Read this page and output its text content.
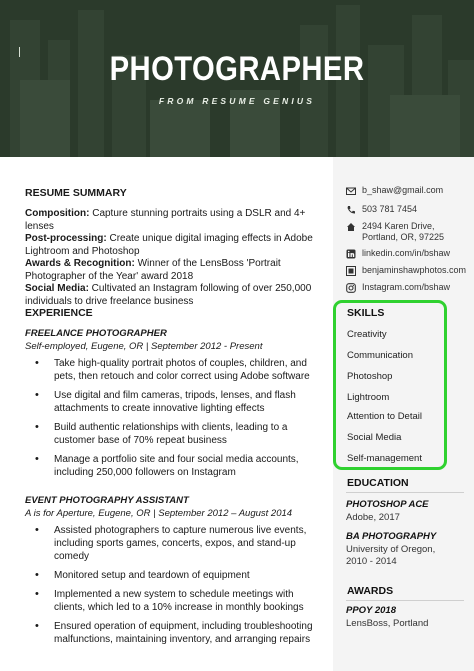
PHOTOGRAPHER
FROM RESUME GENIUS
RESUME SUMMARY

Composition: Capture stunning portraits using a DSLR and 4+ lenses

Post-processing: Create unique digital imaging effects in Adobe Lightroom and Photoshop

Awards & Recognition: Winner of the LensBoss 'Portrait Photographer of the Year' award 2018

Social Media: Cultivated an Instagram following of over 250,000 individuals to drive freelance business

EXPERIENCE
FREELANCE PHOTOGRAPHER
Self-employed, Eugene, OR | September 2012 - Present
• Take high-quality portrait photos of couples, children, and pets, then retouch and color correct using Adobe software
• Use digital and film cameras, tripods, lenses, and flash attachments to create innovative lighting effects
• Build authentic relationships with clients, leading to a customer base of 70% repeat business
• Manage a portfolio site and four social media accounts, including 250,000 followers on Instagram
EVENT PHOTOGRAPHY ASSISTANT
A is for Aperture, Eugene, OR | September 2012 – August 2014
• Assisted photographers to capture numerous live events, including sports games, concerts, expos, and stand-up comedy
• Monitored setup and teardown of equipment
• Implemented a new system to schedule meetings with clients, which led to a 10% increase in monthly bookings
• Ensured operation of equipment, including troubleshooting malfunctions, maintaining inventory, and arranging repairs
b_shaw@gmail.com
503 781 7454
2494 Karen Drive, Portland, OR, 97225
linkedin.com/in/bshaw
benjaminshawphotos.com
Instagram.com/bshaw
SKILLS
Creativity
Communication
Photoshop
Lightroom
Attention to Detail
Social Media
Self-management
EDUCATION
PHOTOSHOP ACE
Adobe, 2017
BA PHOTOGRAPHY
University of Oregon, 2010 - 2014
AWARDS
PPOY 2018
LensBoss, Portland
